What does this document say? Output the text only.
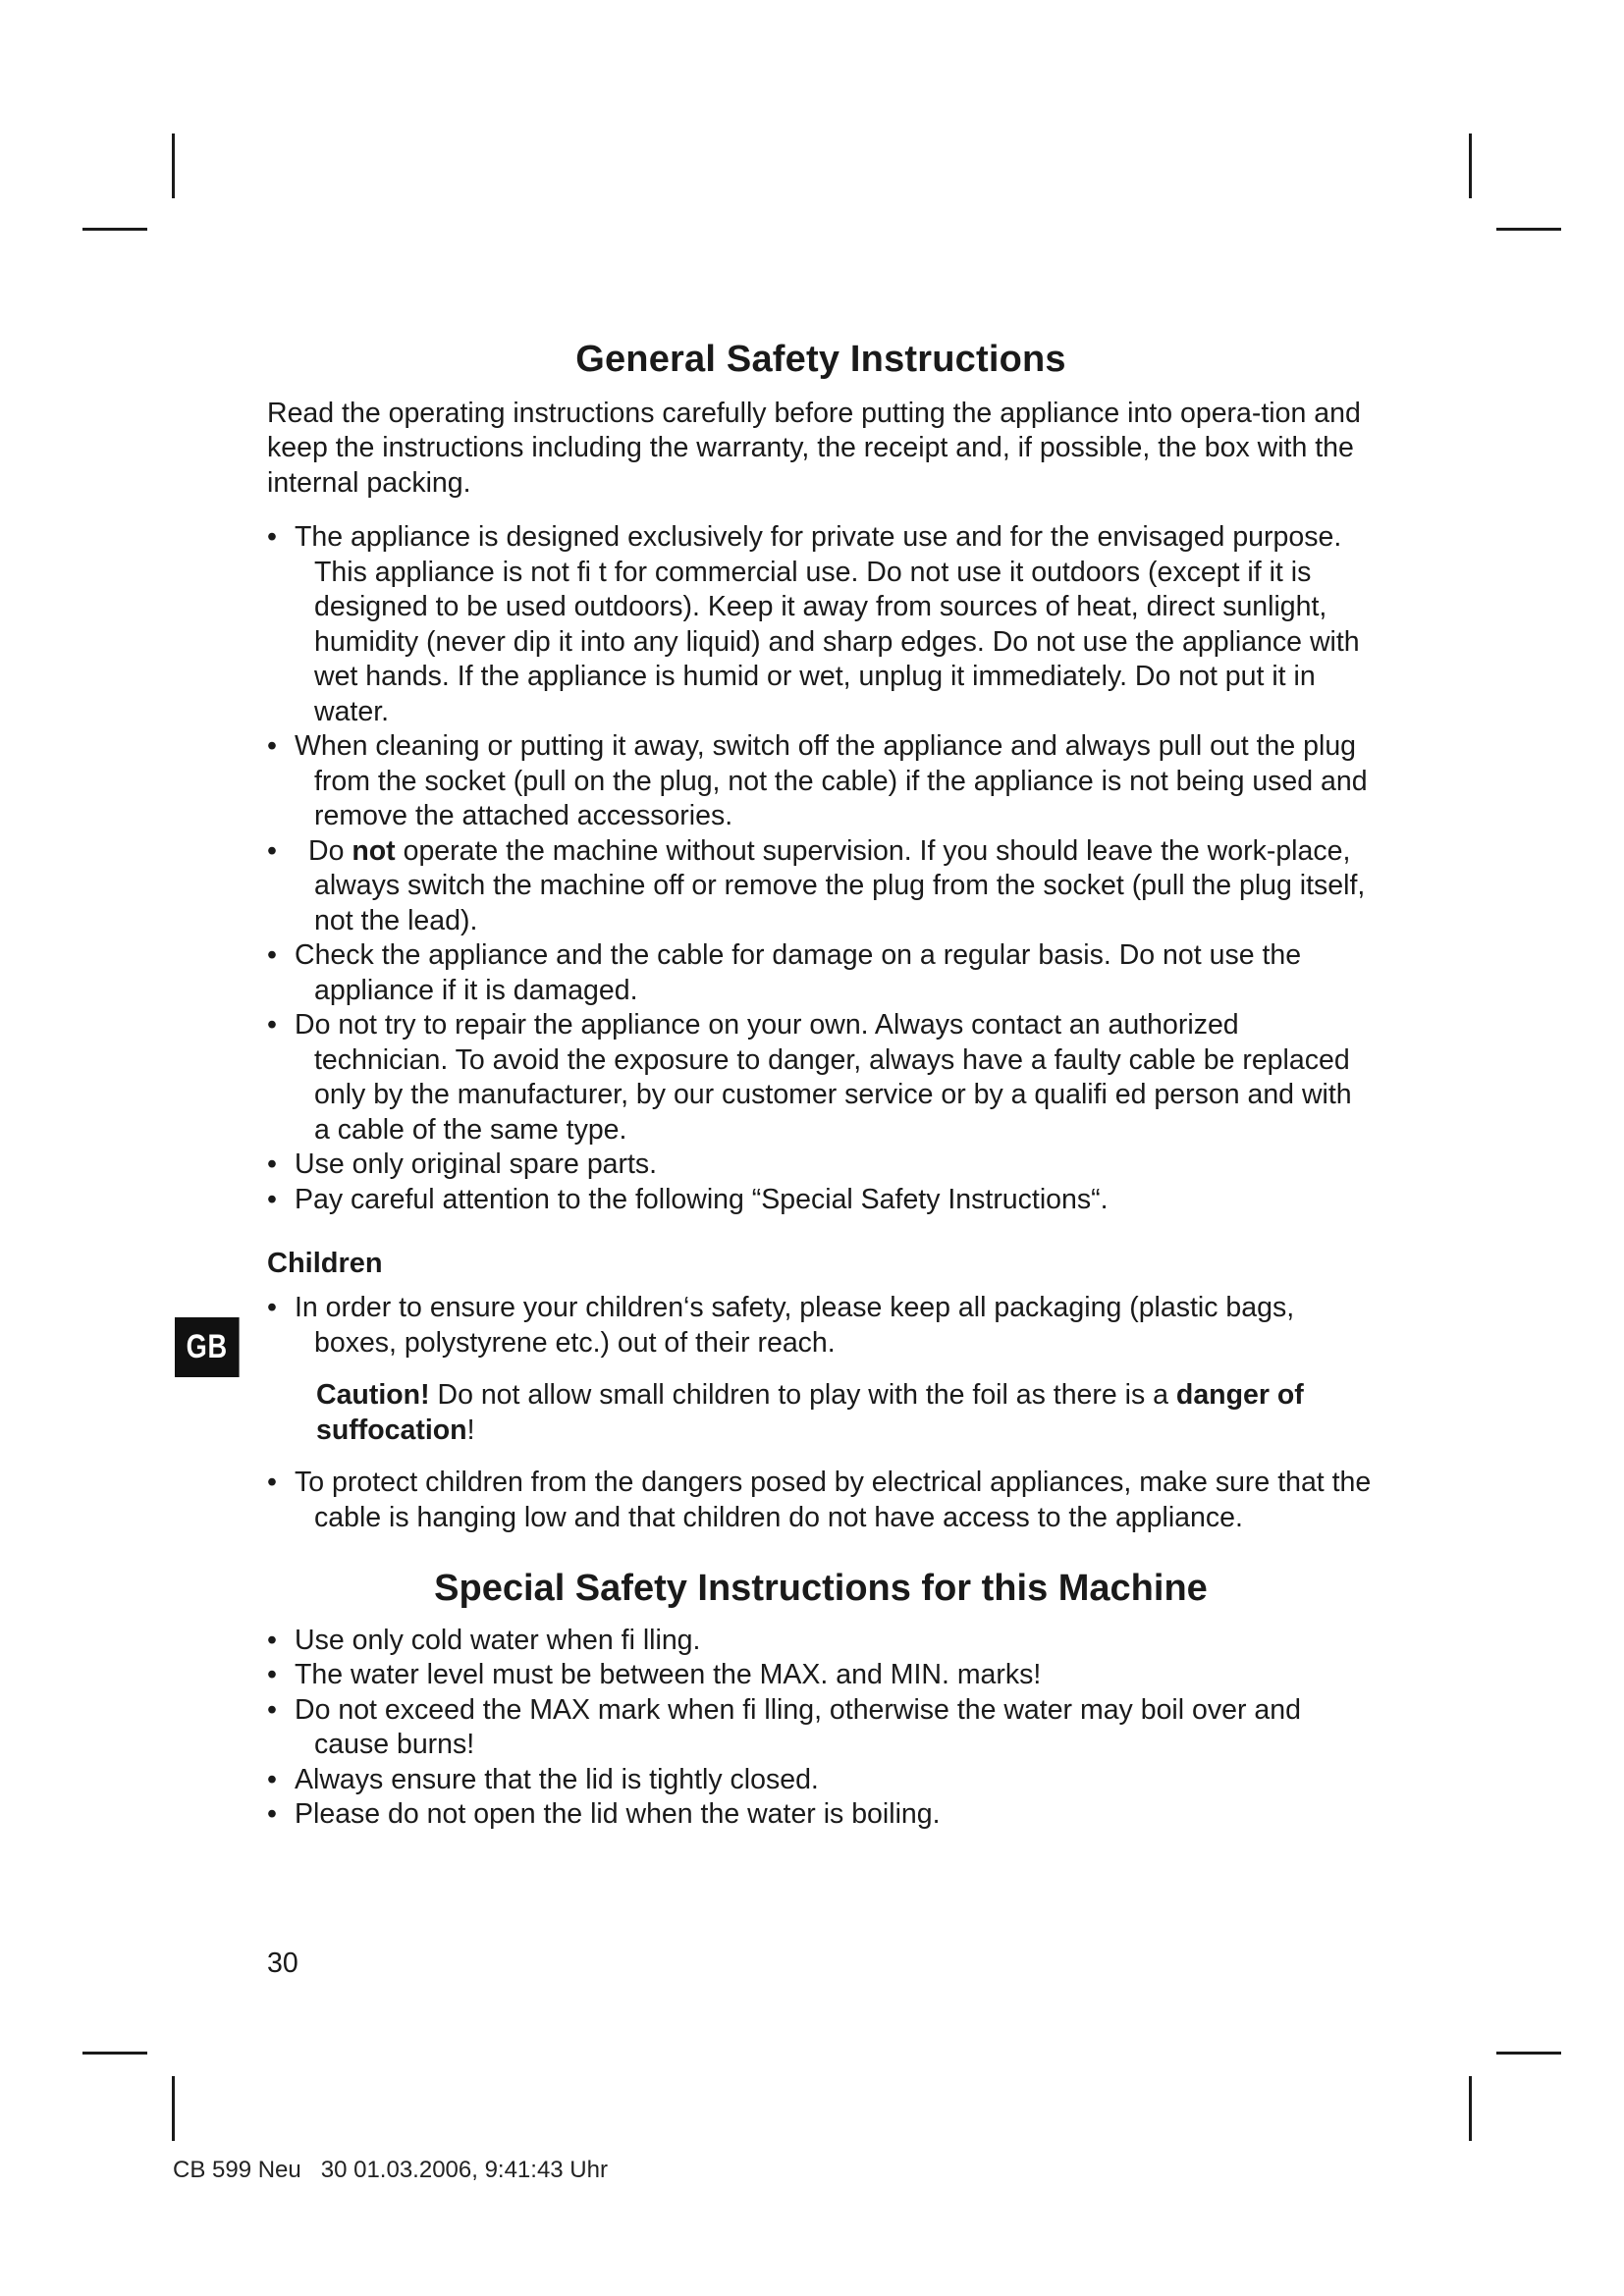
GB
General Safety Instructions

Read the operating instructions carefully before putting the appliance into opera-tion and keep the instructions including the warranty, the receipt and, if possible, the box with the internal packing.

• The appliance is designed exclusively for private use and for the envisaged purpose. This appliance is not fi t for commercial use. Do not use it outdoors (except if it is designed to be used outdoors). Keep it away from sources of heat, direct sunlight, humidity (never dip it into any liquid) and sharp edges. Do not use the appliance with wet hands. If the appliance is humid or wet, unplug it immediately. Do not put it in water.
• When cleaning or putting it away, switch off the appliance and always pull out the plug from the socket (pull on the plug, not the cable) if the appliance is not being used and remove the attached accessories.
•	Do not operate the machine without supervision. If you should leave the work-place, always switch the machine off or remove the plug from the socket (pull the plug itself, not the lead).
• Check the appliance and the cable for damage on a regular basis. Do not use the appliance if it is damaged.
• Do not try to repair the appliance on your own. Always contact an authorized technician. To avoid the exposure to danger, always have a faulty cable be replaced only by the manufacturer, by our customer service or by a qualifi ed person and with a cable of the same type.
• Use only original spare parts.
• Pay careful attention to the following “Special Safety Instructions“.
Children
• In order to ensure your children‘s safety, please keep all packaging (plastic bags, boxes, polystyrene etc.) out of their reach.

Caution! Do not allow small children to play with the foil as there is a danger of suffocation!

• To protect children from the dangers posed by electrical appliances, make sure that the cable is hanging low and that children do not have access to the appliance.
Special Safety Instructions for this Machine
• Use only cold water when fi lling.
• The water level must be between the MAX. and MIN. marks!
• Do not exceed the MAX mark when fi lling, otherwise the water may boil over and cause burns!
• Always ensure that the lid is tightly closed.
• Please do not open the lid when the water is boiling.
30
CB 599 Neu   30 01.03.2006, 9:41:43 Uhr
